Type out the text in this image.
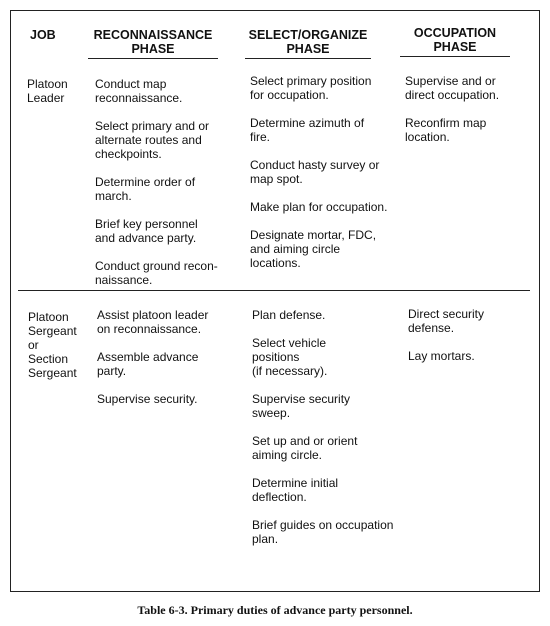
JOB	RECONNAISSANCE
PHASE
SELECT/ORGANIZE
PHASE
OCCUPATION
PHASE
Platoon
Leader

Conduct map
reconnaissance.

Select primary and or
alternate routes and
checkpoints.

Determine order of
march.

Brief key personnel
and advance party.

Conduct ground recon-
naissance.

Select primary position
for occupation.

Determine azimuth of
fire.

Conduct hasty survey or
map spot.

Make plan for occupation.

Designate mortar, FDC,
and aiming circle
locations.

Supervise and or
direct occupation.

Reconfirm map
location.

Platoon
Sergeant
or
Section
Sergeant

Assist platoon leader
on reconnaissance.

Assemble advance
party.

Supervise security.

Plan defense.

Select vehicle
positions
(if necessary).

Supervise security
sweep.

Set up and or orient
aiming circle.

Determine initial
deflection.

Brief guides on occupation
plan.

Direct security
defense.

Lay mortars.

Table 6-3. Primary duties of advance party personnel.
